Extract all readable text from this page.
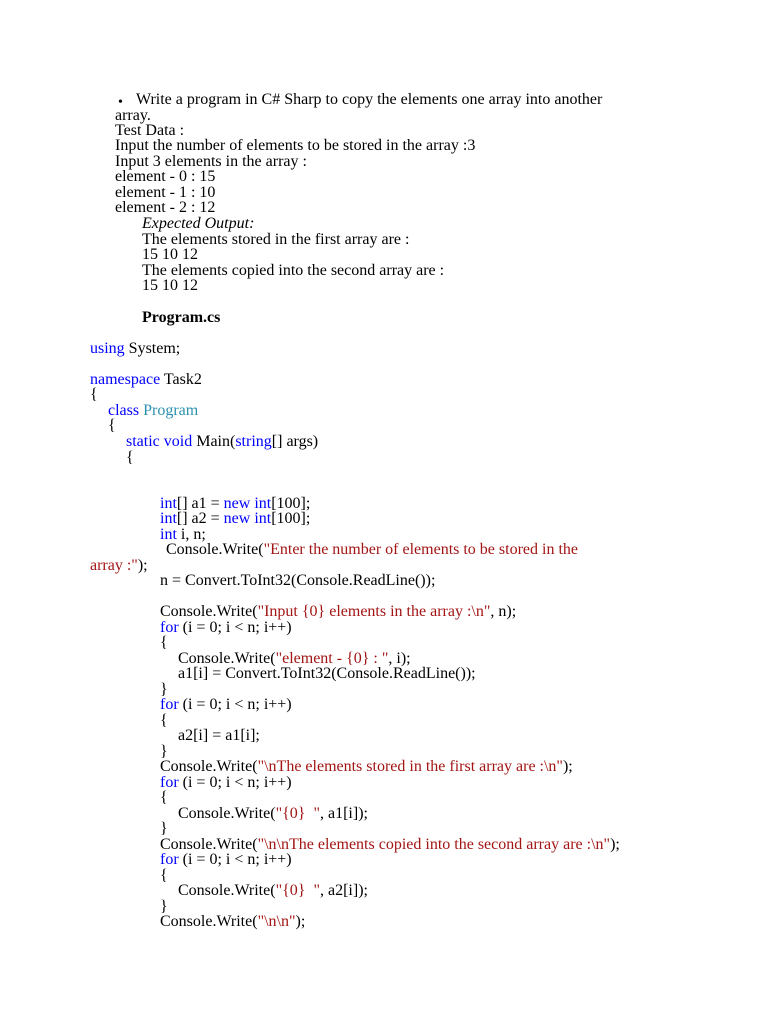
• Write a program in C# Sharp to copy the elements one array into another
array.
Test Data :
Input the number of elements to be stored in the array :3
Input 3 elements in the array :
element - 0 : 15
element - 1 : 10
element - 2 : 12
Expected Output:
The elements stored in the first array are :
15 10 12
The elements copied into the second array are :
15 10 12
Program.cs
using System;
namespace Task2
{
class Program
{
static void Main(string[] args)
{
int[] a1 = new int[100];
int[] a2 = new int[100];
int i, n;
Console.Write("Enter the number of elements to be stored in the
array :");
n = Convert.ToInt32(Console.ReadLine());
Console.Write("Input {0} elements in the array :\n", n);
for (i = 0; i < n; i++)
{
Console.Write("element - {0} : ", i);
a1[i] = Convert.ToInt32(Console.ReadLine());
}
for (i = 0; i < n; i++)
{
a2[i] = a1[i];
}
Console.Write("\nThe elements stored in the first array are :\n");
for (i = 0; i < n; i++)
{
Console.Write("{0}  ", a1[i]);
}
Console.Write("\n\nThe elements copied into the second array are :\n");
for (i = 0; i < n; i++)
{
Console.Write("{0}  ", a2[i]);
}
Console.Write("\n\n");
